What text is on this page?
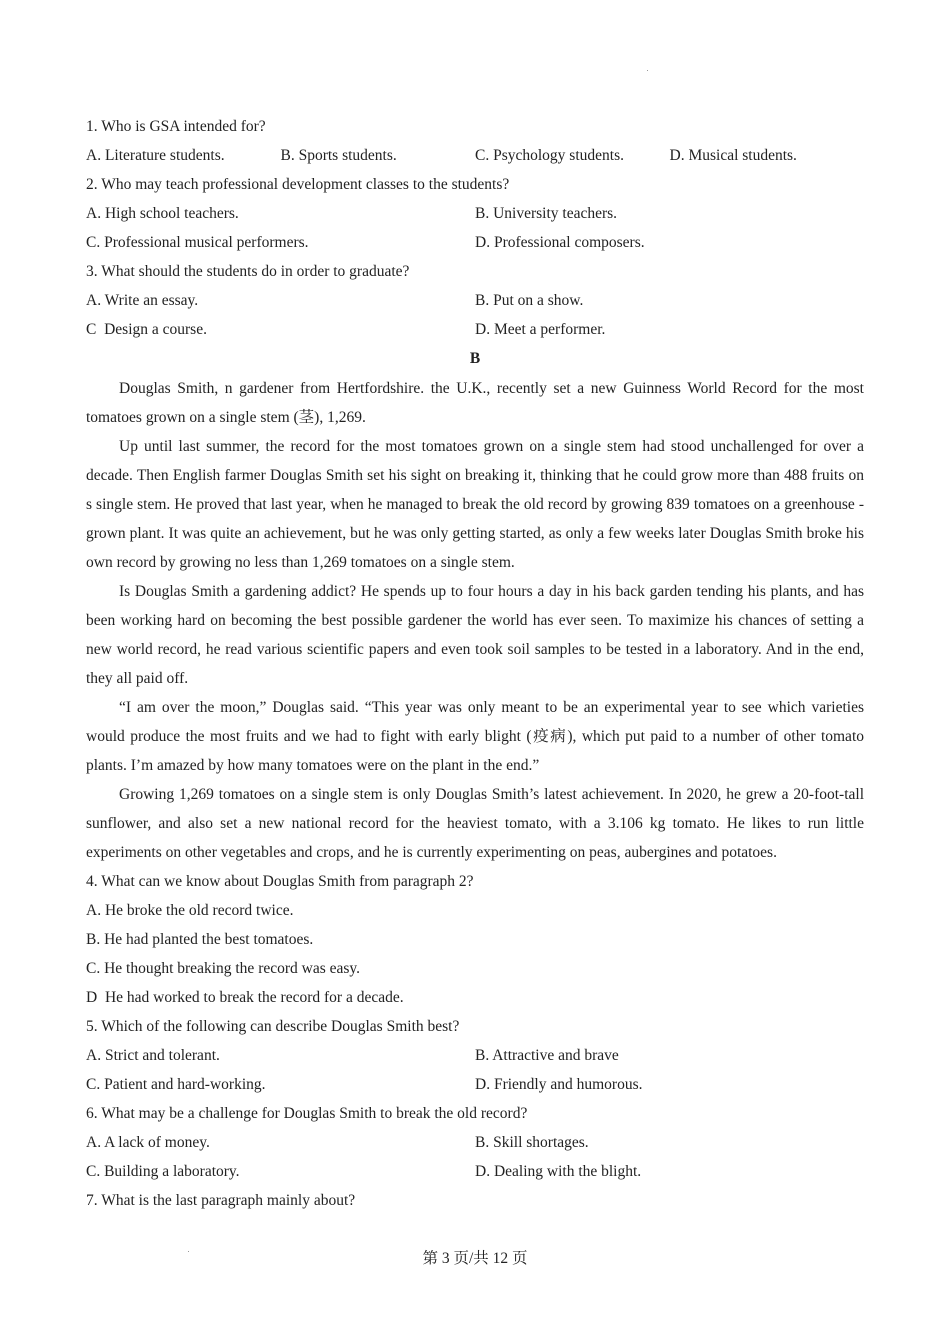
1. Who is GSA intended for?
A. Literature students.	B. Sports students.	C. Psychology students.	D. Musical students.
2. Who may teach professional development classes to the students?
A. High school teachers.	B. University teachers.
C. Professional musical performers.	D. Professional composers.
3. What should the students do in order to graduate?
A. Write an essay.	B. Put on a show.
C  Design a course.	D. Meet a performer.
B

Douglas Smith, n gardener from Hertfordshire. the U.K., recently set a new Guinness World Record for the most tomatoes grown on a single stem (茎), 1,269.

Up until last summer, the record for the most tomatoes grown on a single stem had stood unchallenged for over a decade. Then English farmer Douglas Smith set his sight on breaking it, thinking that he could grow more than 488 fruits on s single stem. He proved that last year, when he managed to break the old record by growing 839 tomatoes on a greenhouse -grown plant. It was quite an achievement, but he was only getting started, as only a few weeks later Douglas Smith broke his own record by growing no less than 1,269 tomatoes on a single stem.

Is Douglas Smith a gardening addict? He spends up to four hours a day in his back garden tending his plants, and has been working hard on becoming the best possible gardener the world has ever seen. To maximize his chances of setting a new world record, he read various scientific papers and even took soil samples to be tested in a laboratory. And in the end, they all paid off.

“I am over the moon,” Douglas said. “This year was only meant to be an experimental year to see which varieties would produce the most fruits and we had to fight with early blight (疫病), which put paid to a number of other tomato plants. I’m amazed by how many tomatoes were on the plant in the end.”

Growing 1,269 tomatoes on a single stem is only Douglas Smith’s latest achievement. In 2020, he grew a 20-foot-tall sunflower, and also set a new national record for the heaviest tomato, with a 3.106 kg tomato. He likes to run little experiments on other vegetables and crops, and he is currently experimenting on peas, aubergines and potatoes.

4. What can we know about Douglas Smith from paragraph 2?
A. He broke the old record twice.
B. He had planted the best tomatoes.
C. He thought breaking the record was easy.
D  He had worked to break the record for a decade.
5. Which of the following can describe Douglas Smith best?
A. Strict and tolerant.	B. Attractive and brave
C. Patient and hard-working.	D. Friendly and humorous.
6. What may be a challenge for Douglas Smith to break the old record?
A. A lack of money.	B. Skill shortages.
C. Building a laboratory.	D. Dealing with the blight.
7. What is the last paragraph mainly about?
第 3 页/共 12 页
